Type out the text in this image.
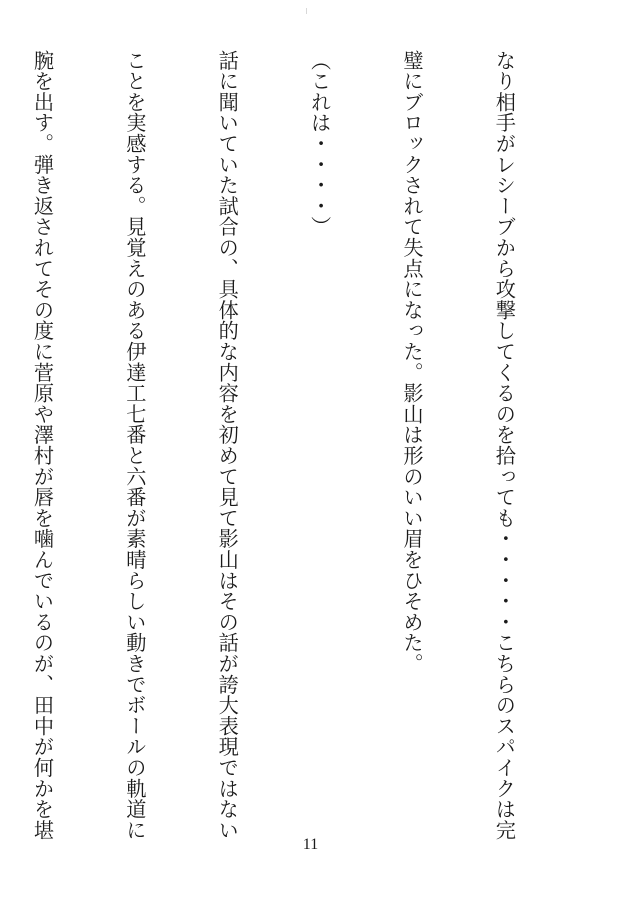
なり相手がレシーブから攻撃してくるのを拾っても・・・・・こちらのスパイクは完

璧にブロックされて失点になった。影山は形のいい眉をひそめた。

（これは・・・・）

話に聞いていた試合の、具体的な内容を初めて見て影山はその話が誇大表現ではない

ことを実感する。見覚えのある伊達工七番と六番が素晴らしい動きでボールの軌道に

腕を出す。弾き返されてその度に菅原や澤村が唇を噛んでいるのが、田中が何かを堪

11
